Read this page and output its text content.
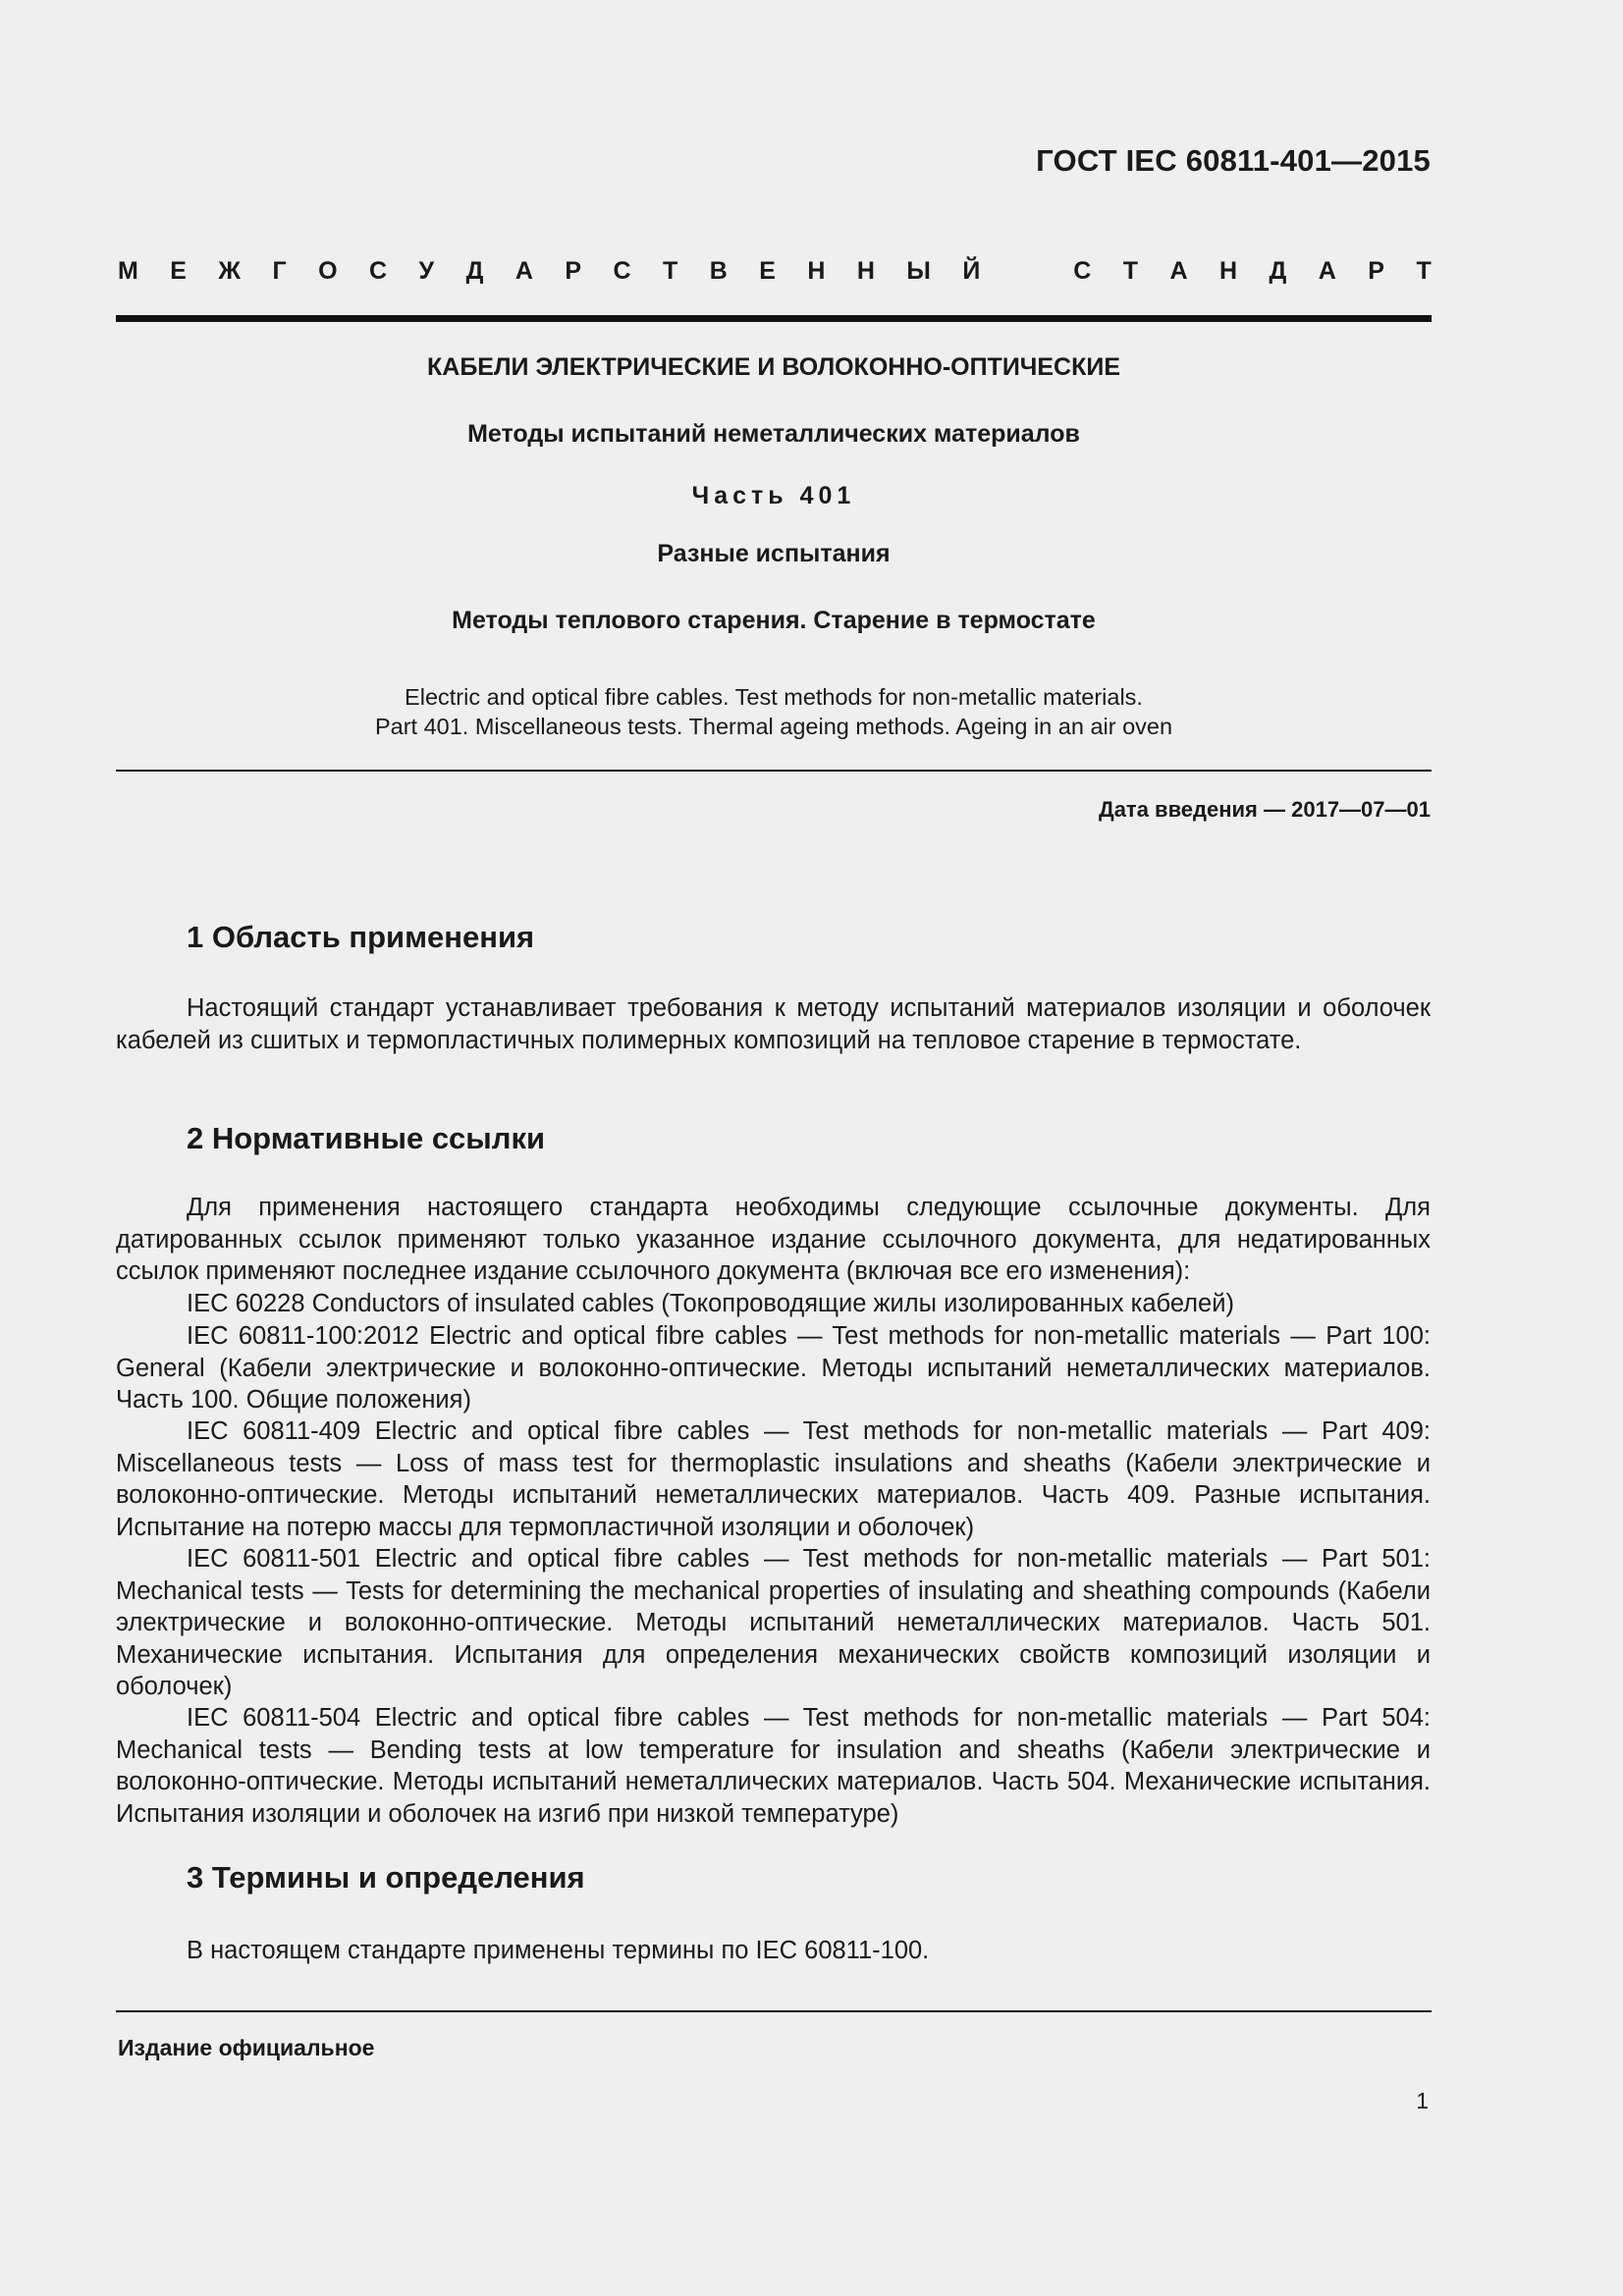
ГОСТ IEC 60811-401—2015
М Е Ж Г О С У Д А Р С Т В Е Н Н Ы Й
	С Т А Н Д А Р Т
КАБЕЛИ ЭЛЕКТРИЧЕСКИЕ И ВОЛОКОННО-ОПТИЧЕСКИЕ
Методы испытаний неметаллических материалов
Часть 401
Разные испытания
Методы теплового старения. Старение в термостате
Electric and optical fibre cables. Test methods for non-metallic materials.
Part 401. Miscellaneous tests. Thermal ageing methods. Ageing in an air oven
Дата введения — 2017—07—01
1 Область применения
Настоящий стандарт устанавливает требования к методу испытаний материалов изоляции и оболочек кабелей из сшитых и термопластичных полимерных композиций на тепловое старение в термостате.
2 Нормативные ссылки
Для применения настоящего стандарта необходимы следующие ссылочные документы. Для датированных ссылок применяют только указанное издание ссылочного документа, для недатированных ссылок применяют последнее издание ссылочного документа (включая все его изменения):
IEC 60228 Conductors of insulated cables (Токопроводящие жилы изолированных кабелей)
IEC 60811-100:2012 Electric and optical fibre cables — Test methods for non-metallic materials — Part 100: General (Кабели электрические и волоконно-оптические. Методы испытаний неметаллических материалов. Часть 100. Общие положения)
IEC 60811-409 Electric and optical fibre cables — Test methods for non-metallic materials — Part 409: Miscellaneous tests — Loss of mass test for thermoplastic insulations and sheaths (Кабели электрические и волоконно-оптические. Методы испытаний неметаллических материалов. Часть 409. Разные испытания. Испытание на потерю массы для термопластичной изоляции и оболочек)
IEC 60811-501 Electric and optical fibre cables — Test methods for non-metallic materials — Part 501: Mechanical tests — Tests for determining the mechanical properties of insulating and sheathing compounds (Кабели электрические и волоконно-оптические. Методы испытаний неметаллических материалов. Часть 501. Механические испытания. Испытания для определения механических свойств композиций изоляции и оболочек)
IEC 60811-504 Electric and optical fibre cables — Test methods for non-metallic materials — Part 504: Mechanical tests — Bending tests at low temperature for insulation and sheaths (Кабели электрические и волоконно-оптические. Методы испытаний неметаллических материалов. Часть 504. Механические испытания. Испытания изоляции и оболочек на изгиб при низкой температуре)
3 Термины и определения
В настоящем стандарте применены термины по IEC 60811-100.
Издание официальное
1
